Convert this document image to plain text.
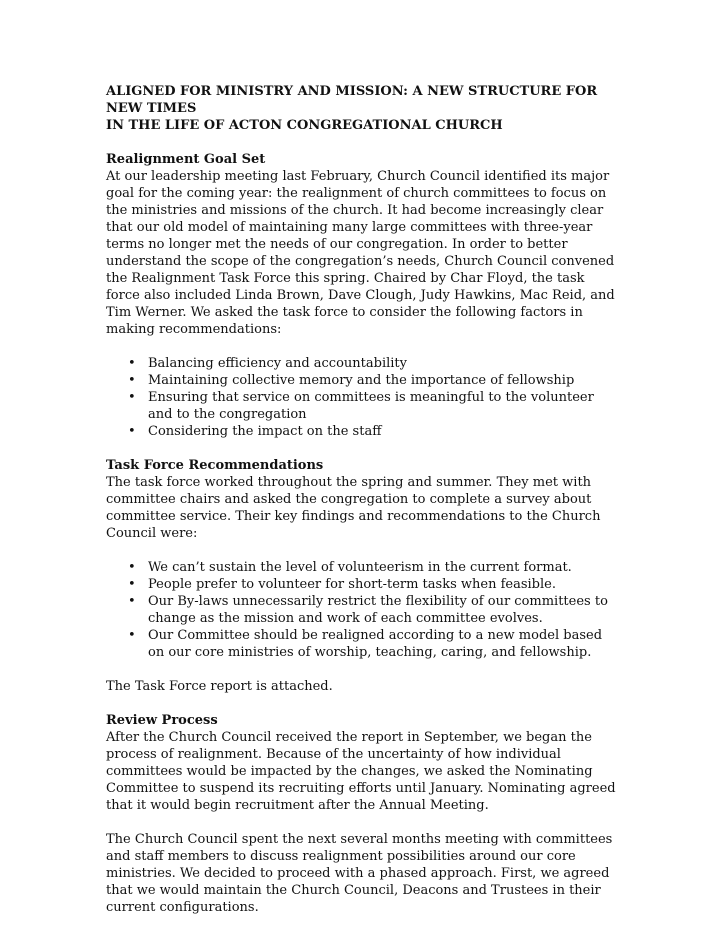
ALIGNED FOR MINISTRY AND MISSION: A NEW STRUCTURE FOR NEW TIMES
IN THE LIFE OF ACTON CONGREGATIONAL CHURCH
Realignment Goal Set
At our leadership meeting last February, Church Council identified its major goal for the coming year: the realignment of church committees to focus on the ministries and missions of the church. It had become increasingly clear that our old model of maintaining many large committees with three-year terms no longer met the needs of our congregation. In order to better understand the scope of the congregation’s needs, Church Council convened the Realignment Task Force this spring. Chaired by Char Floyd, the task force also included Linda Brown, Dave Clough, Judy Hawkins, Mac Reid, and Tim Werner. We asked the task force to consider the following factors in making recommendations:
• Balancing efficiency and accountability
• Maintaining collective memory and the importance of fellowship
• Ensuring that service on committees is meaningful to the volunteer and to the congregation
• Considering the impact on the staff
Task Force Recommendations
The task force worked throughout the spring and summer. They met with committee chairs and asked the congregation to complete a survey about committee service. Their key findings and recommendations to the Church Council were:
• We can’t sustain the level of volunteerism in the current format.
• People prefer to volunteer for short-term tasks when feasible.
• Our By-laws unnecessarily restrict the flexibility of our committees to change as the mission and work of each committee evolves.
• Our Committee should be realigned according to a new model based on our core ministries of worship, teaching, caring, and fellowship.
The Task Force report is attached.
Review Process
After the Church Council received the report in September, we began the process of realignment. Because of the uncertainty of how individual committees would be impacted by the changes, we asked the Nominating Committee to suspend its recruiting efforts until January. Nominating agreed that it would begin recruitment after the Annual Meeting.
The Church Council spent the next several months meeting with committees and staff members to discuss realignment possibilities around our core ministries. We decided to proceed with a phased approach. First, we agreed that we would maintain the Church Council, Deacons and Trustees in their current configurations.
